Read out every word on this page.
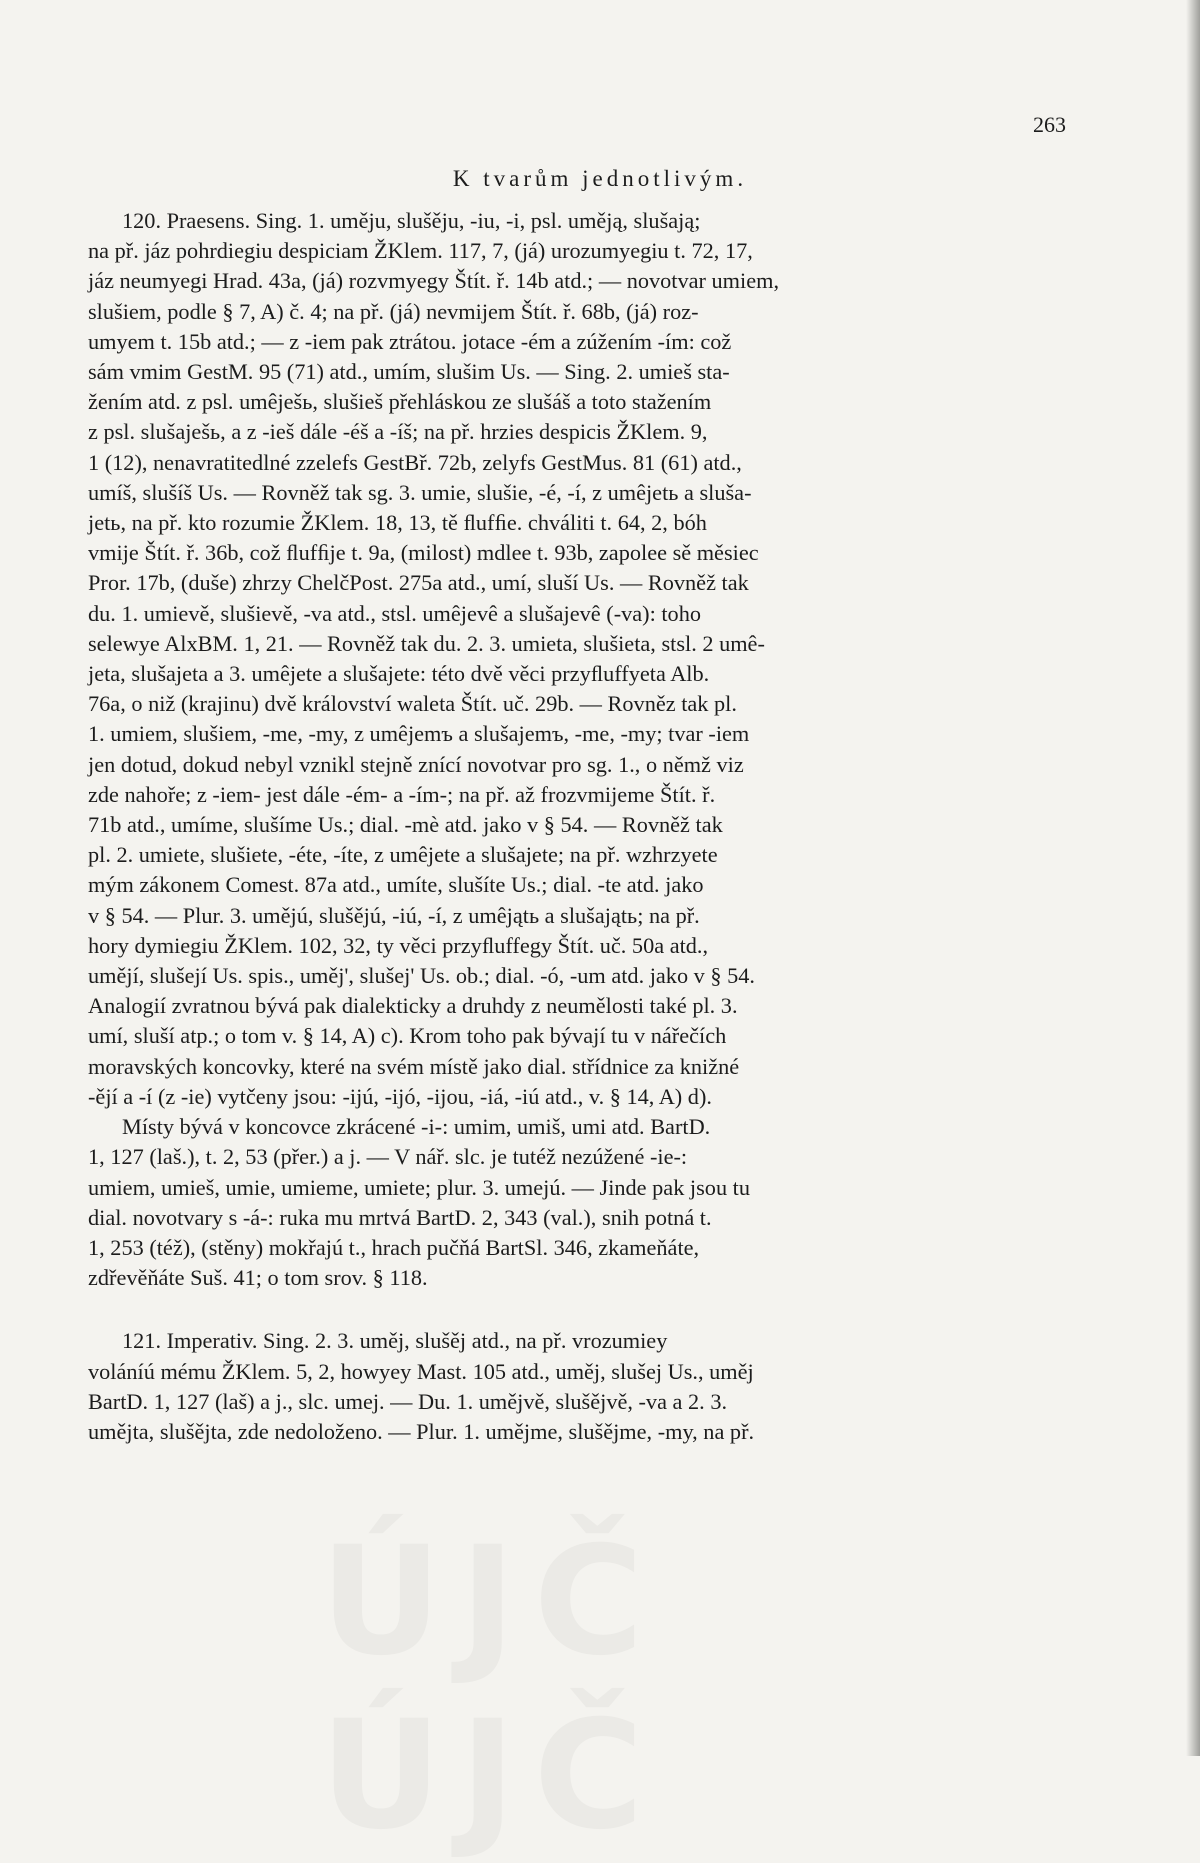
263
K tvarům jednotlivým.
120. Praesens. Sing. 1. uměju, slušěju, -iu, -i, psl. uměją, slušają;
na př. jáz pohrdiegiu despiciam ŽKlem. 117, 7, (já) urozumyegiu t. 72, 17,
jáz neumyegi Hrad. 43a, (já) rozvmyegy Štít. ř. 14b atd.; — novotvar umiem,
slušiem, podle § 7, A) č. 4; na př. (já) nevmijem Štít. ř. 68b, (já) roz-
umyem t. 15b atd.; — z -iem pak ztrátou. jotace -ém a zúžením -ím: což
sám vmim GestM. 95 (71) atd., umím, slušim Us. — Sing. 2. umieš sta-
žením atd. z psl. umêješь, slušieš přehláskou ze slušáš a toto stažením
z psl. slušaješь, a z -ieš dále -éš a -íš; na př. hrzies despicis ŽKlem. 9,
1 (12), nenavratitedlné zzelefs GestBř. 72b, zelyfs GestMus. 81 (61) atd.,
umíš, slušíš Us. — Rovněž tak sg. 3. umie, slušie, -é, -í, z umêjetь a sluša-
jetь, na př. kto rozumie ŽKlem. 18, 13, tě ﬂufﬁe. chváliti t. 64, 2, bóh
vmije Štít. ř. 36b, což ﬂufﬁje t. 9a, (milost) mdlee t. 93b, zapolee sě měsiec
Pror. 17b, (duše) zhrzy ChelčPost. 275a atd., umí, sluší Us. — Rovněž tak
du. 1. umievě, slušievě, -va atd., stsl. umêjevê a slušajevê (-va): toho
selewye AlxBM. 1, 21. — Rovněž tak du. 2. 3. umieta, slušieta, stsl. 2 umê-
jeta, slušajeta a 3. umêjete a slušajete: této dvě věci przyﬂuffyeta Alb.
76a, o niž (krajinu) dvě království waleta Štít. uč. 29b. — Rovněz tak pl.
1. umiem, slušiem, -me, -my, z umêjemъ a slušajemъ, -me, -my; tvar -iem
jen dotud, dokud nebyl vznikl stejně znící novotvar pro sg. 1., o němž viz
zde nahoře; z -iem- jest dále -ém- a -ím-; na př. až frozvmijeme Štít. ř.
71b atd., umíme, slušíme Us.; dial. -mè atd. jako v § 54. — Rovněž tak
pl. 2. umiete, slušiete, -éte, -íte, z umêjete a slušajete; na př. wzhrzyete
mým zákonem Comest. 87a atd., umíte, slušíte Us.; dial. -te atd. jako
v § 54. — Plur. 3. umějú, slušějú, -iú, -í, z umêjątь a slušajątь; na př.
hory dymiegiu ŽKlem. 102, 32, ty věci przyﬂuffegy Štít. uč. 50a atd.,
umějí, slušejí Us. spis., uměj', slušej' Us. ob.; dial. -ó, -um atd. jako v § 54.
Analogií zvratnou bývá pak dialekticky a druhdy z neumělosti také pl. 3.
umí, sluší atp.; o tom v. § 14, A) c). Krom toho pak bývají tu v nářečích
moravských koncovky, které na svém místě jako dial. střídnice za knižné
-ějí a -í (z -ie) vytčeny jsou: -ijú, -ijó, -ijou, -iá, -iú atd., v. § 14, A) d).
Místy bývá v koncovce zkrácené -i-: umim, umiš, umi atd. BartD.
1, 127 (laš.), t. 2, 53 (přer.) a j. — V nář. slc. je tutéž nezúžené -ie-:
umiem, umieš, umie, umieme, umiete; plur. 3. umejú. — Jinde pak jsou tu
dial. novotvary s -á-: ruka mu mrtvá BartD. 2, 343 (val.), snih potná t.
1, 253 (též), (stěny) mokřajú t., hrach pučňá BartSl. 346, zkameňáte,
zdřevěňáte Suš. 41; o tom srov. § 118.
121. Imperativ. Sing. 2. 3. uměj, slušěj atd., na př. vrozumiey
voláníú mému ŽKlem. 5, 2, howyey Mast. 105 atd., uměj, slušej Us., uměj
BartD. 1, 127 (laš) a j., slc. umej. — Du. 1. umějvě, slušějvě, -va a 2. 3.
umějta, slušějta, zde nedoloženo. — Plur. 1. umějme, slušějme, -my, na př.
